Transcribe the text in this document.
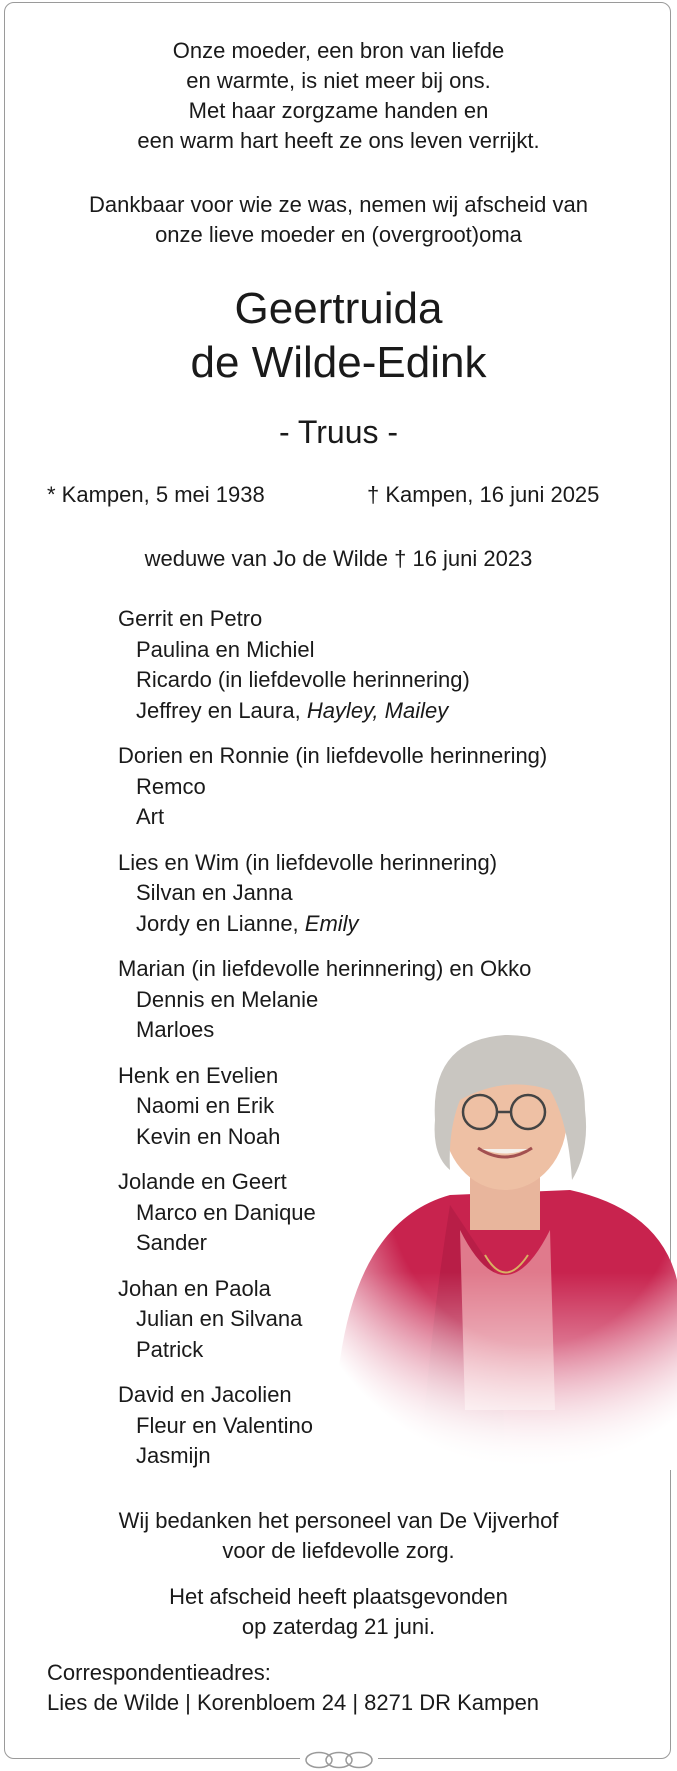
Onze moeder, een bron van liefde

en warmte, is niet meer bij ons.

Met haar zorgzame handen en

een warm hart heeft ze ons leven verrijkt.

Dankbaar voor wie ze was, nemen wij afscheid van

onze lieve moeder en (overgroot)oma

Geertruida
de Wilde-Edink
- Truus -
* Kampen, 5 mei 1938	† Kampen, 16 juni 2025
weduwe van Jo de Wilde † 16 juni 2023
Gerrit en Petro
Paulina en Michiel
Ricardo (in liefdevolle herinnering)
Jeffrey en Laura, Hayley, Mailey
Dorien en Ronnie (in liefdevolle herinnering)
Remco
Art
Lies en Wim (in liefdevolle herinnering)
Silvan en Janna
Jordy en Lianne, Emily
Marian (in liefdevolle herinnering) en Okko
Dennis en Melanie
Marloes
Henk en Evelien
Naomi en Erik
Kevin en Noah
Jolande en Geert
Marco en Danique
Sander
Johan en Paola
Julian en Silvana
Patrick
David en Jacolien
Fleur en Valentino
Jasmijn

Wij bedanken het personeel van De Vijverhof

voor de liefdevolle zorg.

Het afscheid heeft plaatsgevonden

op zaterdag 21 juni.

Correspondentieadres:

Lies de Wilde | Korenbloem 24 | 8271 DR Kampen
